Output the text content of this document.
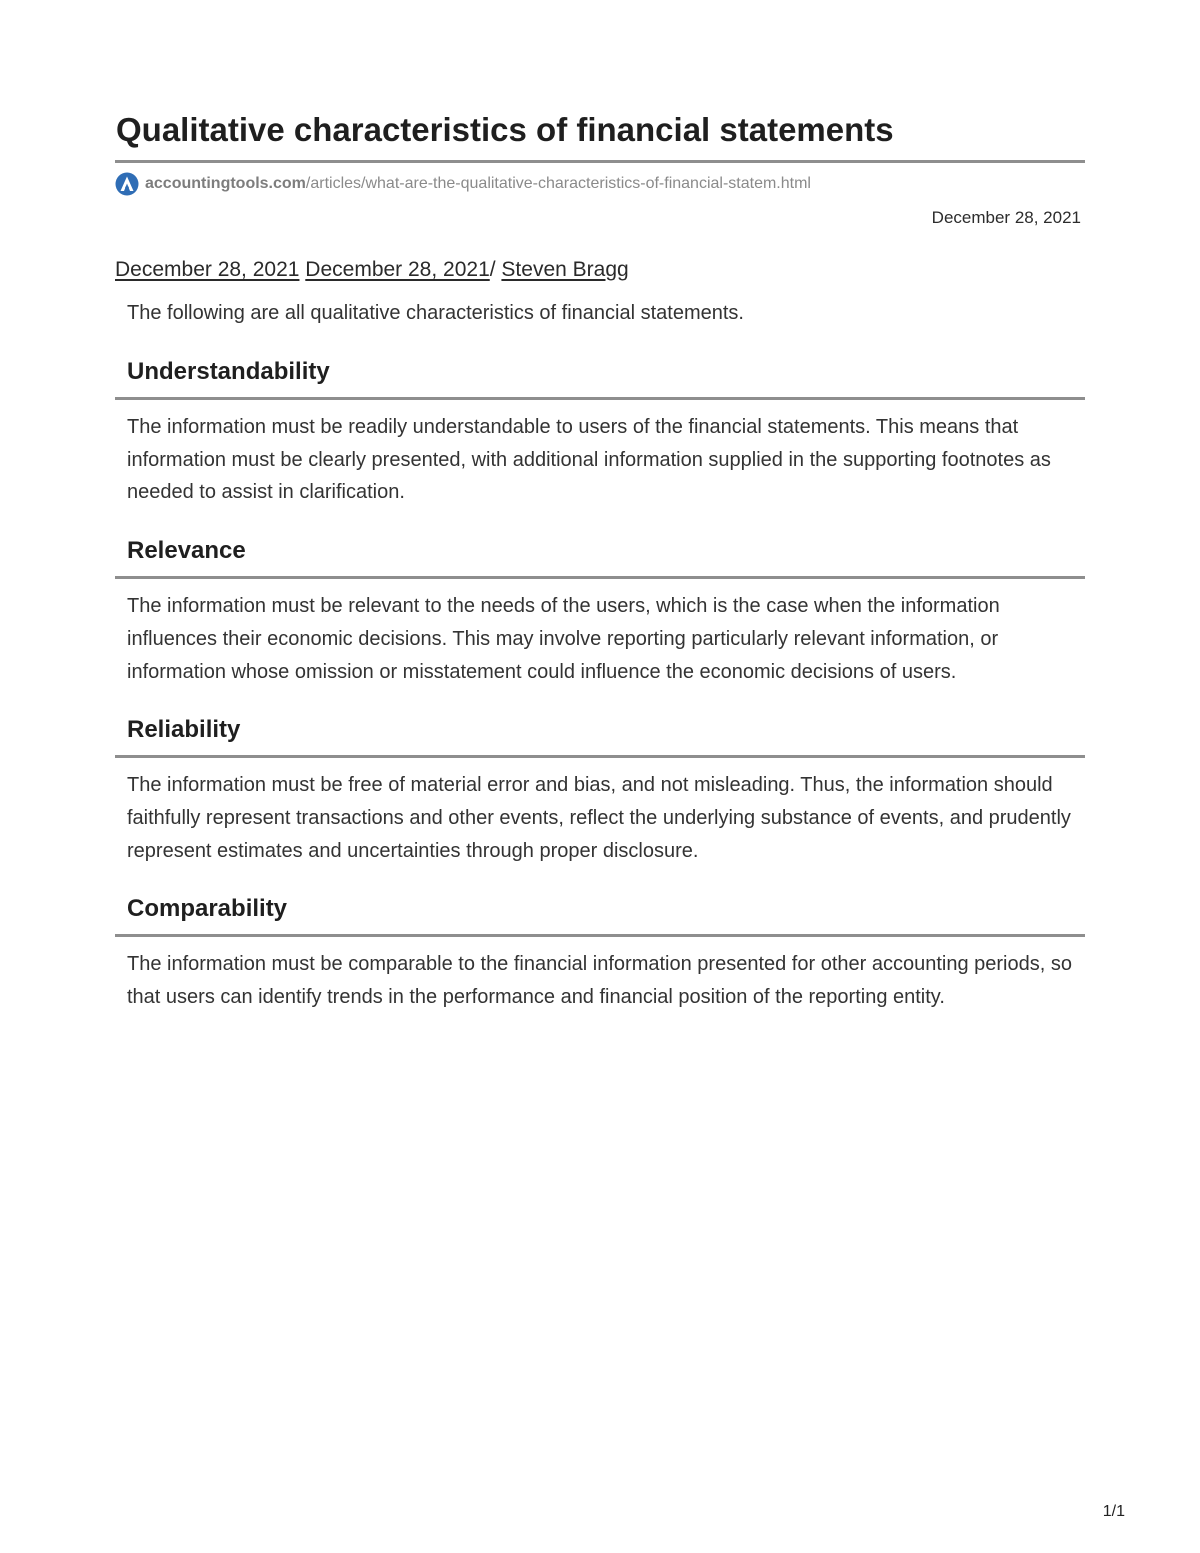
Qualitative characteristics of financial statements
accountingtools.com /articles/what-are-the-qualitative-characteristics-of-financial-statem.html
December 28, 2021
December 28, 2021 December 28, 2021/ Steven Bragg

The following are all qualitative characteristics of financial statements.

Understandability

The information must be readily understandable to users of the financial statements. This means that information must be clearly presented, with additional information supplied in the supporting footnotes as needed to assist in clarification.

Relevance

The information must be relevant to the needs of the users, which is the case when the information influences their economic decisions. This may involve reporting particularly relevant information, or information whose omission or misstatement could influence the economic decisions of users.

Reliability

The information must be free of material error and bias, and not misleading. Thus, the information should faithfully represent transactions and other events, reflect the underlying substance of events, and prudently represent estimates and uncertainties through proper disclosure.

Comparability

The information must be comparable to the financial information presented for other accounting periods, so that users can identify trends in the performance and financial position of the reporting entity.

1/1
